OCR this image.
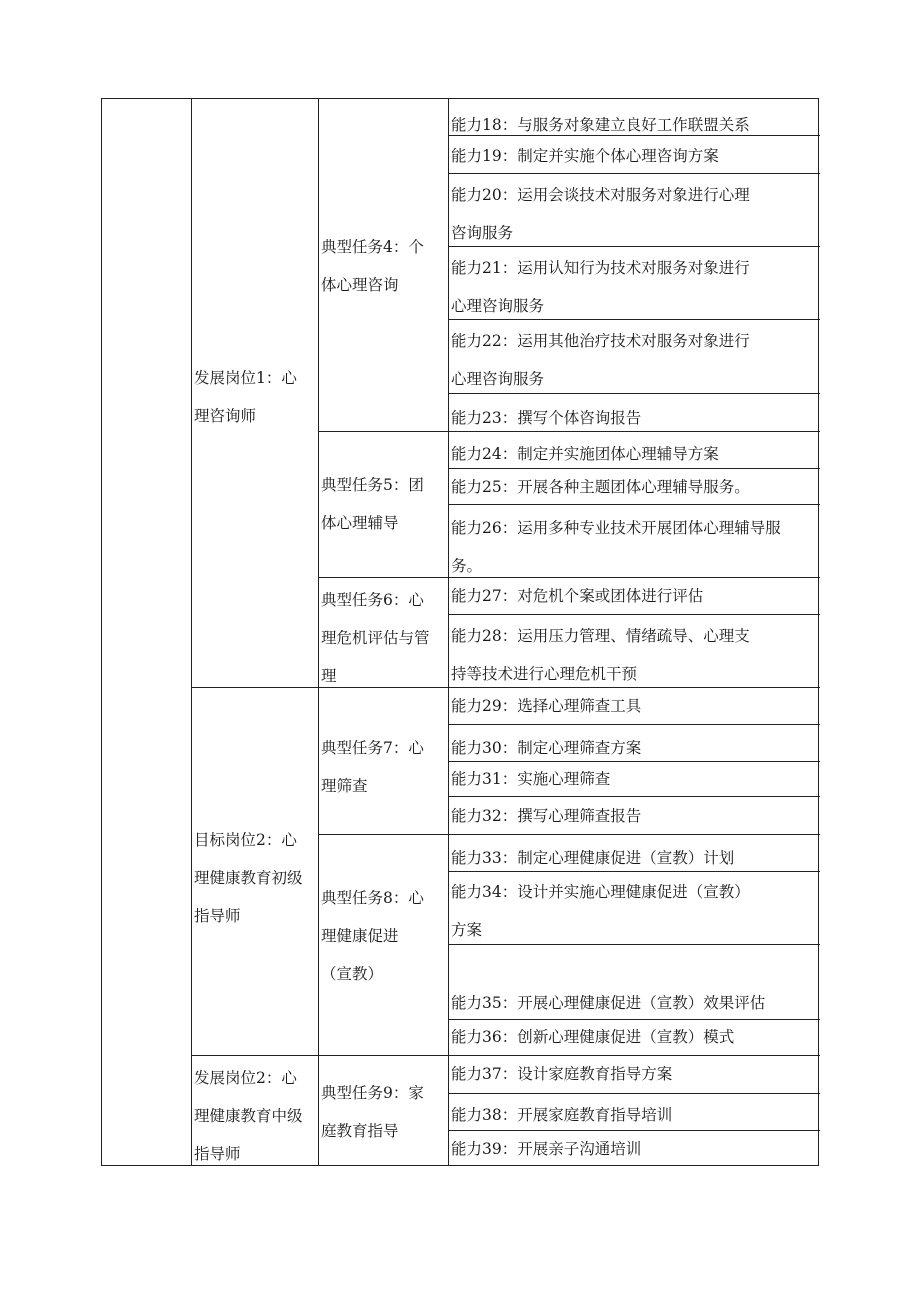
发展岗位1：心
理咨询师
目标岗位2：心
理健康教育初级
指导师
发展岗位2：心
理健康教育中级
指导师
典型任务4：个
体心理咨询
典型任务5：团
体心理辅导
典型任务6：心
理危机评估与管
理
典型任务7：心
理筛查
典型任务8：心
理健康促进
（宣教）
典型任务9：家
庭教育指导
能力18：与服务对象建立良好工作联盟关系
能力19：制定并实施个体心理咨询方案
能力20：运用会谈技术对服务对象进行心理
咨询服务
能力21：运用认知行为技术对服务对象进行
心理咨询服务
能力22：运用其他治疗技术对服务对象进行
心理咨询服务
能力23：撰写个体咨询报告
能力24：制定并实施团体心理辅导方案
能力25：开展各种主题团体心理辅导服务。
能力26：运用多种专业技术开展团体心理辅导服
务。
能力27：对危机个案或团体进行评估
能力28：运用压力管理、情绪疏导、心理支
持等技术进行心理危机干预
能力29：选择心理筛查工具
能力30：制定心理筛查方案
能力31：实施心理筛查
能力32：撰写心理筛查报告
能力33：制定心理健康促进（宣教）计划
能力34：设计并实施心理健康促进（宣教）
方案
能力35：开展心理健康促进（宣教）效果评估
能力36：创新心理健康促进（宣教）模式
能力37：设计家庭教育指导方案
能力38：开展家庭教育指导培训
能力39：开展亲子沟通培训
